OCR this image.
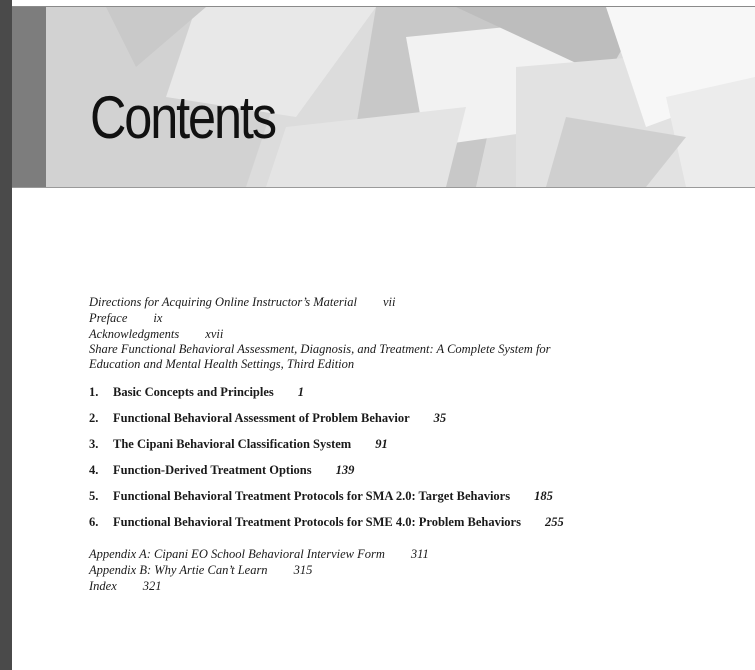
Contents
Directions for Acquiring Online Instructor’s Material vii
Preface ix
Acknowledgments xvii
Share Functional Behavioral Assessment, Diagnosis, and Treatment: A Complete System for
Education and Mental Health Settings, Third Edition
1. Basic Concepts and Principles 1
2. Functional Behavioral Assessment of Problem Behavior 35
3. The Cipani Behavioral Classification System 91
4. Function-Derived Treatment Options 139
5. Functional Behavioral Treatment Protocols for SMA 2.0: Target Behaviors 185
6. Functional Behavioral Treatment Protocols for SME 4.0: Problem Behaviors 255
Appendix A: Cipani EO School Behavioral Interview Form 311
Appendix B: Why Artie Can’t Learn 315
Index 321
